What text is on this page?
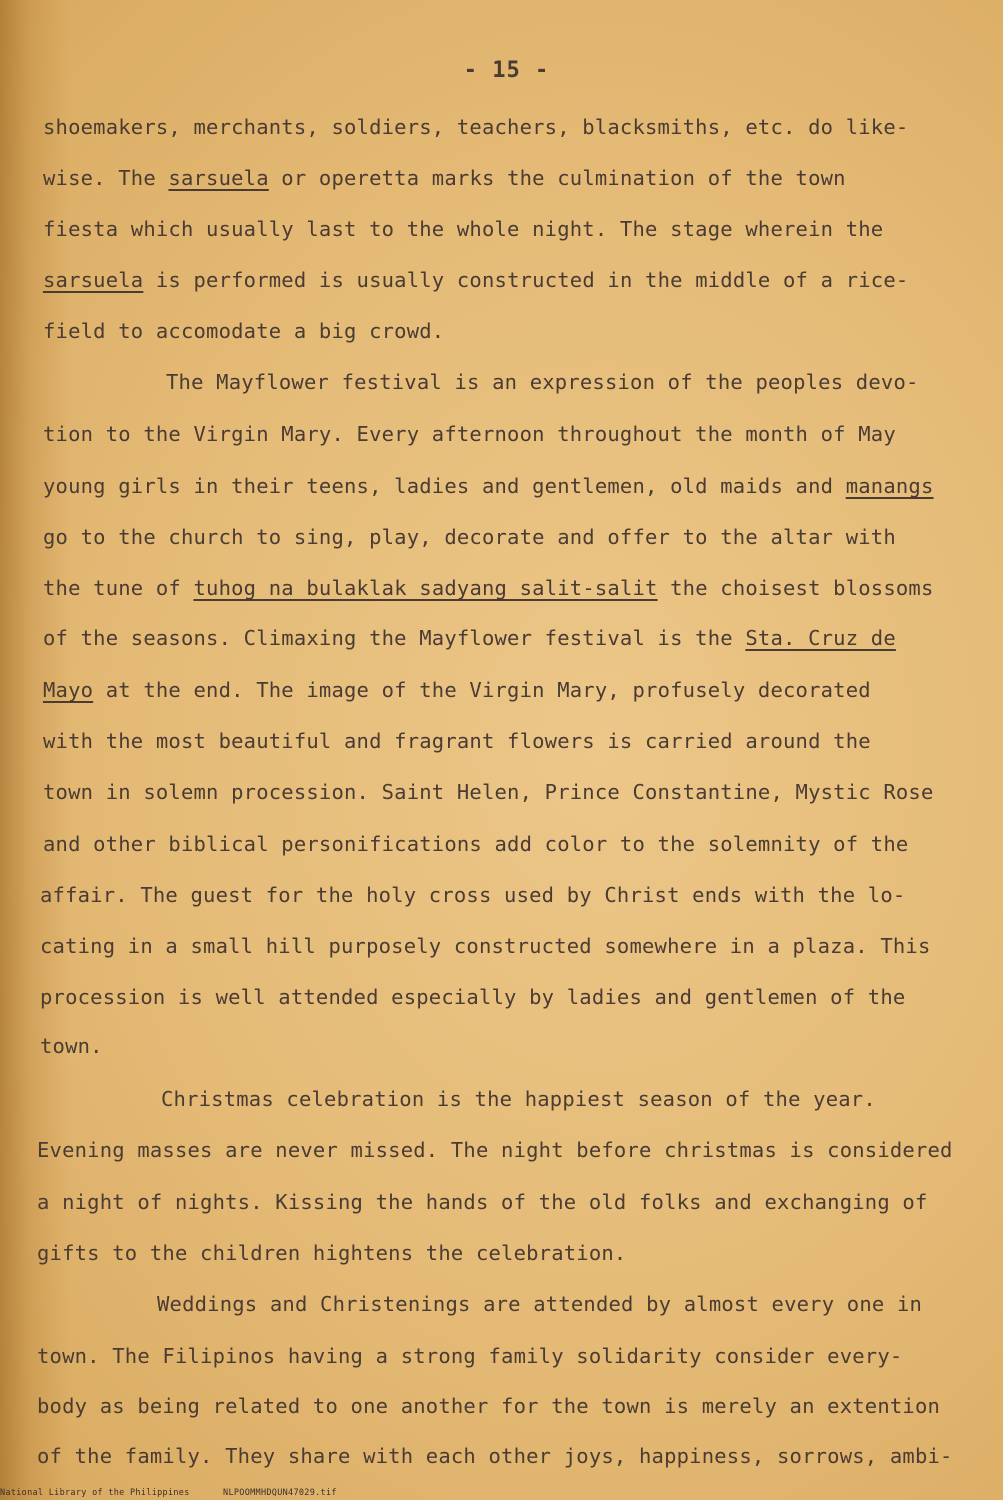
- 15 -
shoemakers, merchants, soldiers, teachers, blacksmiths, etc. do like-
wise. The sarsuela or operetta marks the culmination of the town
fiesta which usually last to the whole night. The stage wherein the
sarsuela is performed is usually constructed in the middle of a rice-
field to accomodate a big crowd.
The Mayflower festival is an expression of the peoples devo-
tion to the Virgin Mary. Every afternoon throughout the month of May
young girls in their teens, ladies and gentlemen, old maids and manangs
go to the church to sing, play, decorate and offer to the altar with
the tune of tuhog na bulaklak sadyang salit-salit the choisest blossoms
of the seasons. Climaxing the Mayflower festival is the Sta. Cruz de
Mayo at the end. The image of the Virgin Mary, profusely decorated
with the most beautiful and fragrant flowers is carried around the
town in solemn procession. Saint Helen, Prince Constantine, Mystic Rose
and other biblical personifications add color to the solemnity of the
affair. The guest for the holy cross used by Christ ends with the lo-
cating in a small hill purposely constructed somewhere in a plaza. This
procession is well attended especially by ladies and gentlemen of the
town.
Christmas celebration is the happiest season of the year.
Evening masses are never missed. The night before christmas is considered
a night of nights. Kissing the hands of the old folks and exchanging of
gifts to the children hightens the celebration.
Weddings and Christenings are attended by almost every one in
town. The Filipinos having a strong family solidarity consider every-
body as being related to one another for the town is merely an extention
of the family. They share with each other joys, happiness, sorrows, ambi-
National Library of the Philippines	NLPOOMMHDQUN47029.tif
